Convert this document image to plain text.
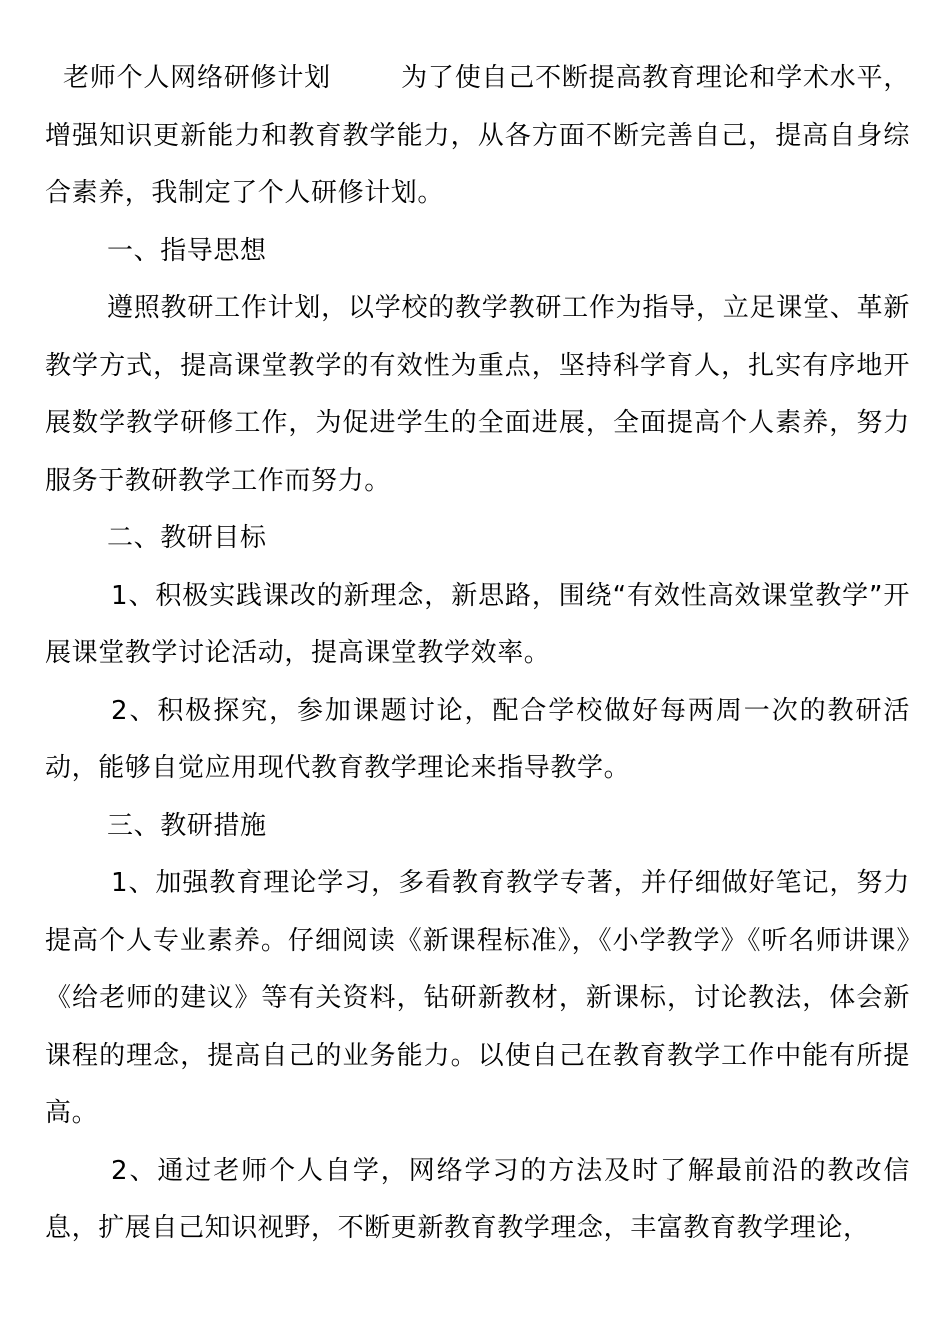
老师个人网络研修计划	为了使自己不断提高教育理论和学术水平，增强知识更新能力和教育教学能力，从各方面不断完善自己，提高自身综合素养，我制定了个人研修计划。

一、指导思想

遵照教研工作计划，以学校的教学教研工作为指导，立足课堂、革新教学方式，提高课堂教学的有效性为重点，坚持科学育人，扎实有序地开展数学教学研修工作，为促进学生的全面进展，全面提高个人素养，努力服务于教研教学工作而努力。

二、教研目标

1、积极实践课改的新理念，新思路，围绕“有效性高效课堂教学”开展课堂教学讨论活动，提高课堂教学效率。

2、积极探究，参加课题讨论，配合学校做好每两周一次的教研活动，能够自觉应用现代教育教学理论来指导教学。

三、教研措施

1、加强教育理论学习，多看教育教学专著，并仔细做好笔记，努力提高个人专业素养。仔细阅读《新课程标准》，《小学教学》《听名师讲课》《给老师的建议》等有关资料，钻研新教材，新课标，讨论教法，体会新课程的理念，提高自己的业务能力。以使自己在教育教学工作中能有所提高。

2、通过老师个人自学，网络学习的方法及时了解最前沿的教改信息，扩展自己知识视野，不断更新教育教学理念，丰富教育教学理论，
